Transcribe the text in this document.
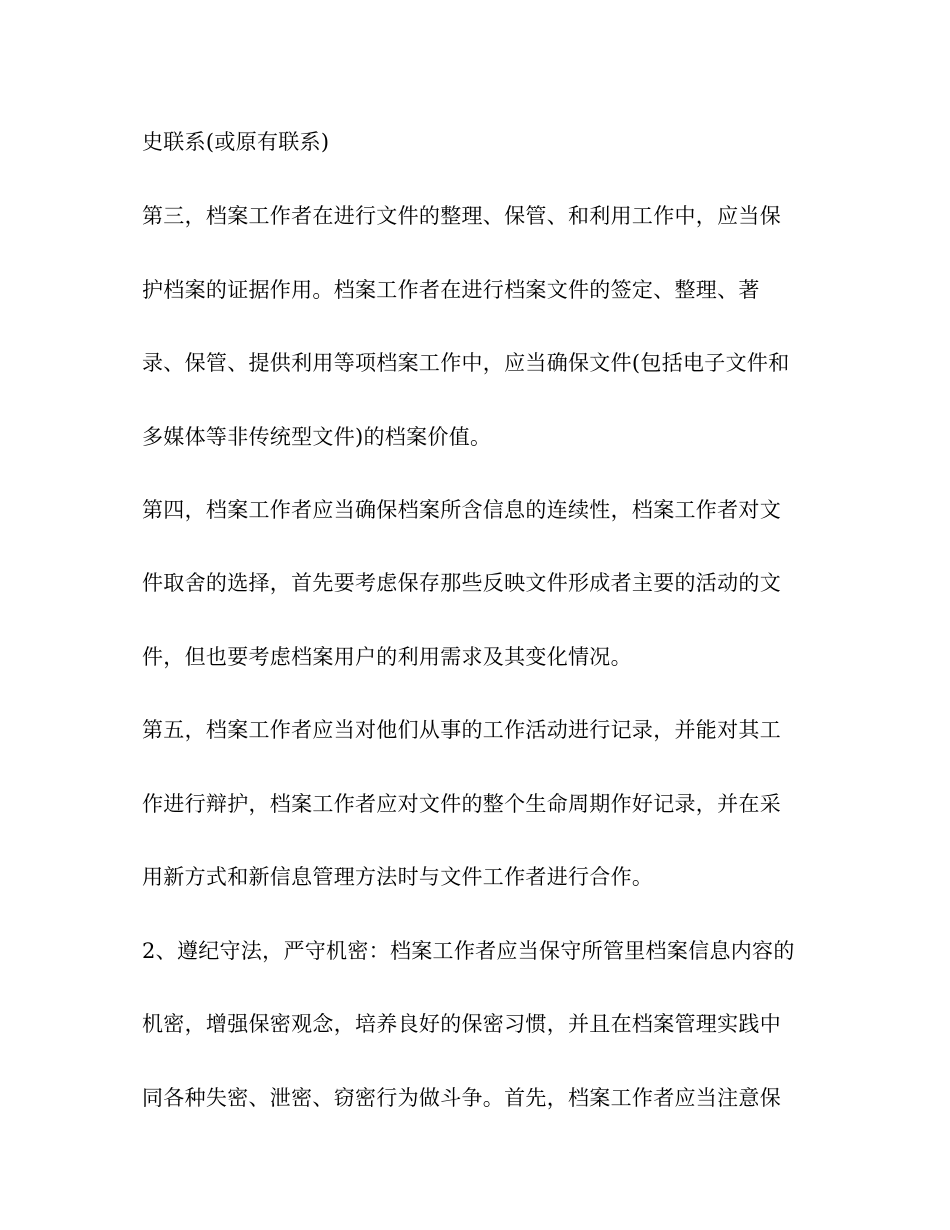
史联系(或原有联系)
第三，档案工作者在进行文件的整理、保管、和利用工作中，应当保
护档案的证据作用。档案工作者在进行档案文件的签定、整理、著
录、保管、提供利用等项档案工作中，应当确保文件(包括电子文件和
多媒体等非传统型文件)的档案价值。
第四，档案工作者应当确保档案所含信息的连续性，档案工作者对文
件取舍的选择，首先要考虑保存那些反映文件形成者主要的活动的文
件，但也要考虑档案用户的利用需求及其变化情况。
第五，档案工作者应当对他们从事的工作活动进行记录，并能对其工
作进行辩护，档案工作者应对文件的整个生命周期作好记录，并在采
用新方式和新信息管理方法时与文件工作者进行合作。
2、遵纪守法，严守机密：档案工作者应当保守所管里档案信息内容的
机密，增强保密观念，培养良好的保密习惯，并且在档案管理实践中
同各种失密、泄密、窃密行为做斗争。首先，档案工作者应当注意保
